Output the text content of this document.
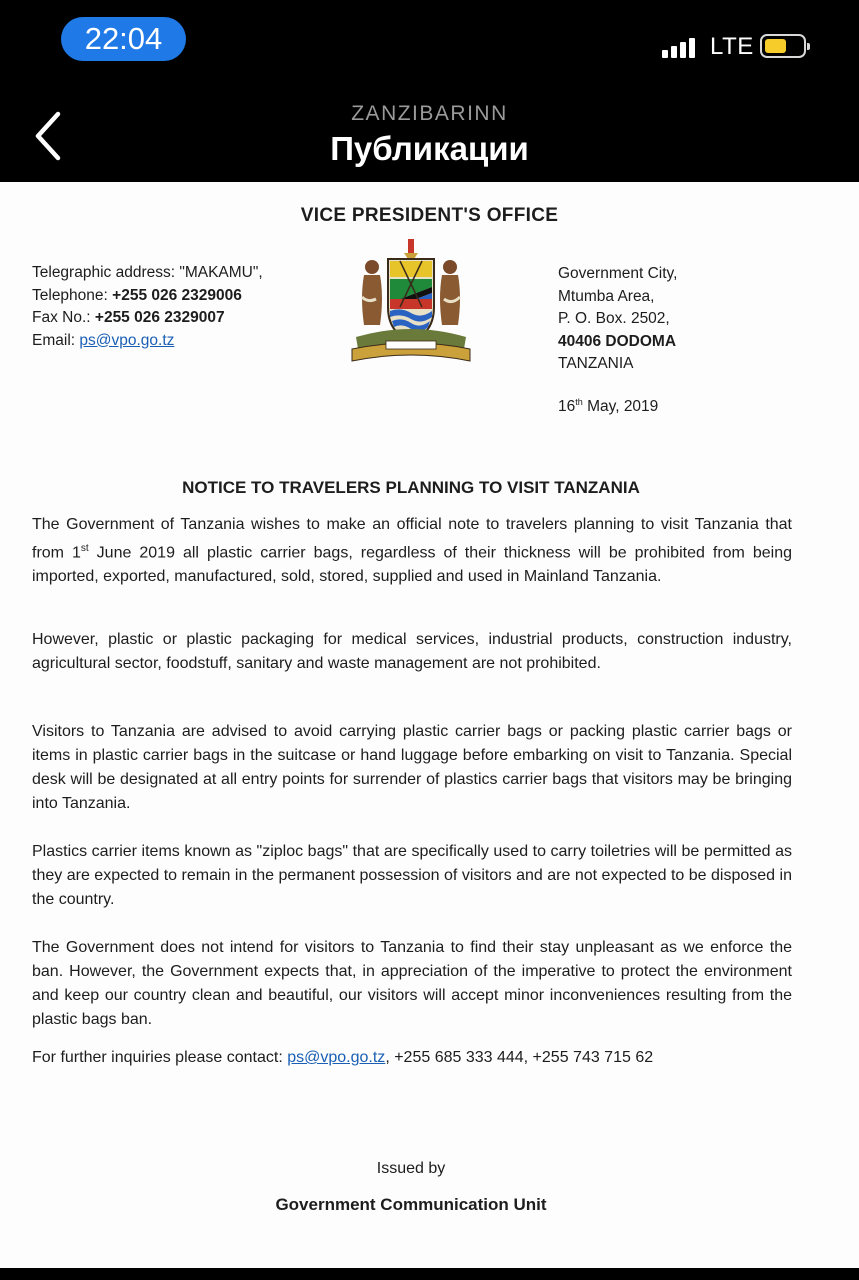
22:04	LTE
ZANZIBARINN
Публикации
VICE PRESIDENT'S OFFICE
Telegraphic address: "MAKAMU",
Telephone: +255 026 2329006
Fax No.: +255 026 2329007
Email: ps@vpo.go.tz
Government City,
Mtumba Area,
P. O. Box. 2502,
40406 DODOMA
TANZANIA
16th May, 2019
NOTICE TO TRAVELERS PLANNING TO VISIT TANZANIA
The Government of Tanzania wishes to make an official note to travelers planning to visit Tanzania that from 1st June 2019 all plastic carrier bags, regardless of their thickness will be prohibited from being imported, exported, manufactured, sold, stored, supplied and used in Mainland Tanzania.
However, plastic or plastic packaging for medical services, industrial products, construction industry, agricultural sector, foodstuff, sanitary and waste management are not prohibited.
Visitors to Tanzania are advised to avoid carrying plastic carrier bags or packing plastic carrier bags or items in plastic carrier bags in the suitcase or hand luggage before embarking on visit to Tanzania. Special desk will be designated at all entry points for surrender of plastics carrier bags that visitors may be bringing into Tanzania.
Plastics carrier items known as "ziploc bags" that are specifically used to carry toiletries will be permitted as they are expected to remain in the permanent possession of visitors and are not expected to be disposed in the country.
The Government does not intend for visitors to Tanzania to find their stay unpleasant as we enforce the ban. However, the Government expects that, in appreciation of the imperative to protect the environment and keep our country clean and beautiful, our visitors will accept minor inconveniences resulting from the plastic bags ban.
For further inquiries please contact: ps@vpo.go.tz, +255 685 333 444, +255 743 715 62
Issued by
Government Communication Unit
